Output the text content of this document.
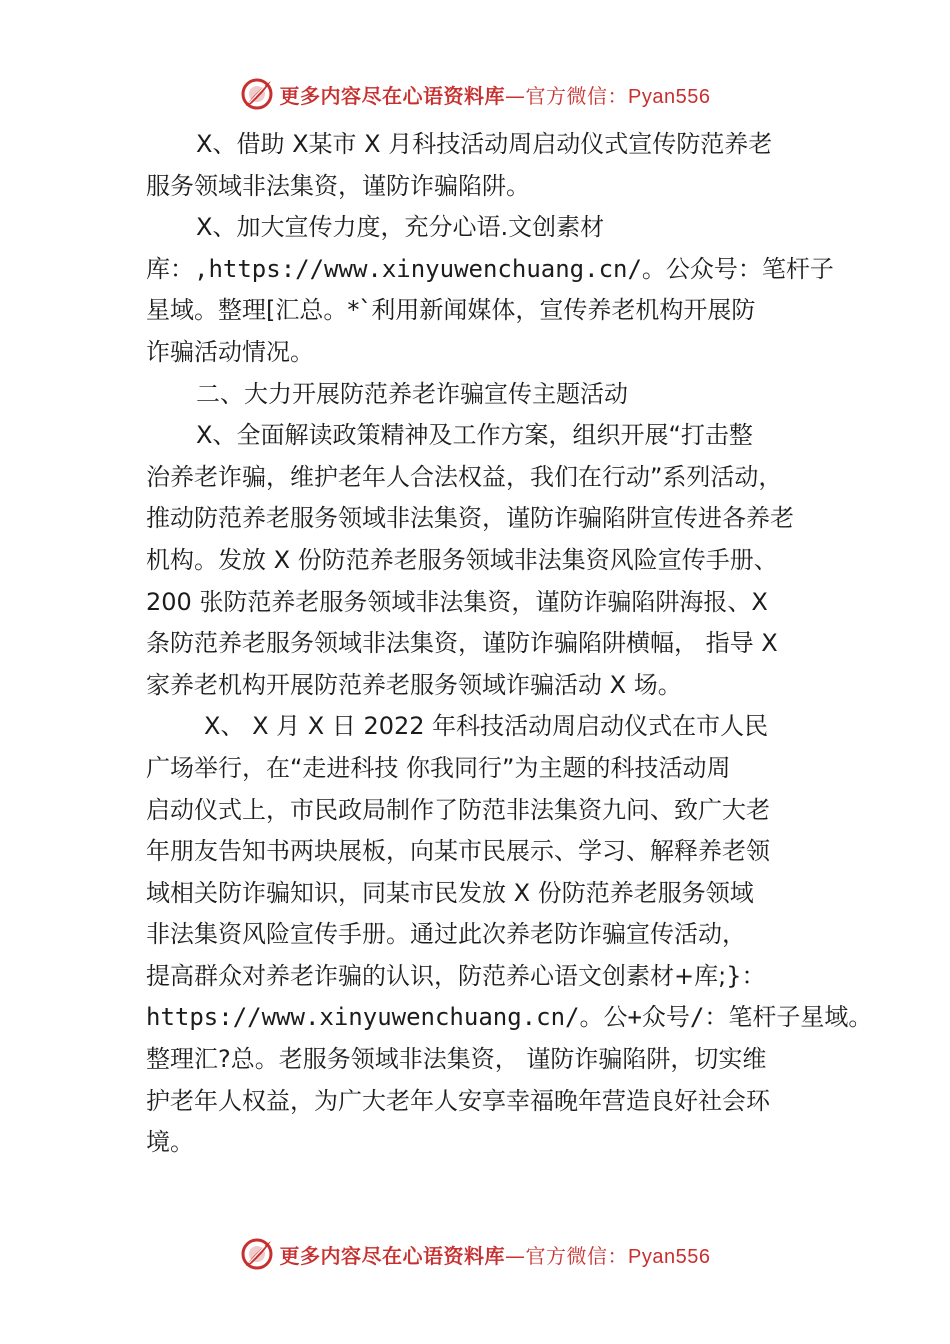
更多内容尽在心语资料库—官方微信：Pyan556
X、借助 X某市 X 月科技活动周启动仪式宣传防范养老
服务领域非法集资，谨防诈骗陷阱。
X、加大宣传力度，充分心语.文创素材
库：,https://www.xinyuwenchuang.cn/。公众号：笔杆子
星域。整理[汇总。*`利用新闻媒体，宣传养老机构开展防
诈骗活动情况。
二、大力开展防范养老诈骗宣传主题活动
X、全面解读政策精神及工作方案，组织开展“打击整
治养老诈骗，维护老年人合法权益，我们在行动”系列活动，
推动防范养老服务领域非法集资，谨防诈骗陷阱宣传进各养老
机构。发放 X 份防范养老服务领域非法集资风险宣传手册、
200 张防范养老服务领域非法集资，谨防诈骗陷阱海报、X
条防范养老服务领域非法集资，谨防诈骗陷阱横幅， 指导 X
家养老机构开展防范养老服务领域诈骗活动 X 场。
X、 X 月 X 日 2022 年科技活动周启动仪式在市人民
广场举行，在“走进科技 你我同行”为主题的科技活动周
启动仪式上，市民政局制作了防范非法集资九问、致广大老
年朋友告知书两块展板，向某市民展示、学习、解释养老领
域相关防诈骗知识，同某市民发放 X 份防范养老服务领域
非法集资风险宣传手册。通过此次养老防诈骗宣传活动，
提高群众对养老诈骗的认识，防范养心语文创素材+库;}：
https://www.xinyuwenchuang.cn/。公+众号/：笔杆子星域。
整理汇?总。老服务领域非法集资， 谨防诈骗陷阱，切实维
护老年人权益，为广大老年人安享幸福晚年营造良好社会环
境。
更多内容尽在心语资料库—官方微信：Pyan556
